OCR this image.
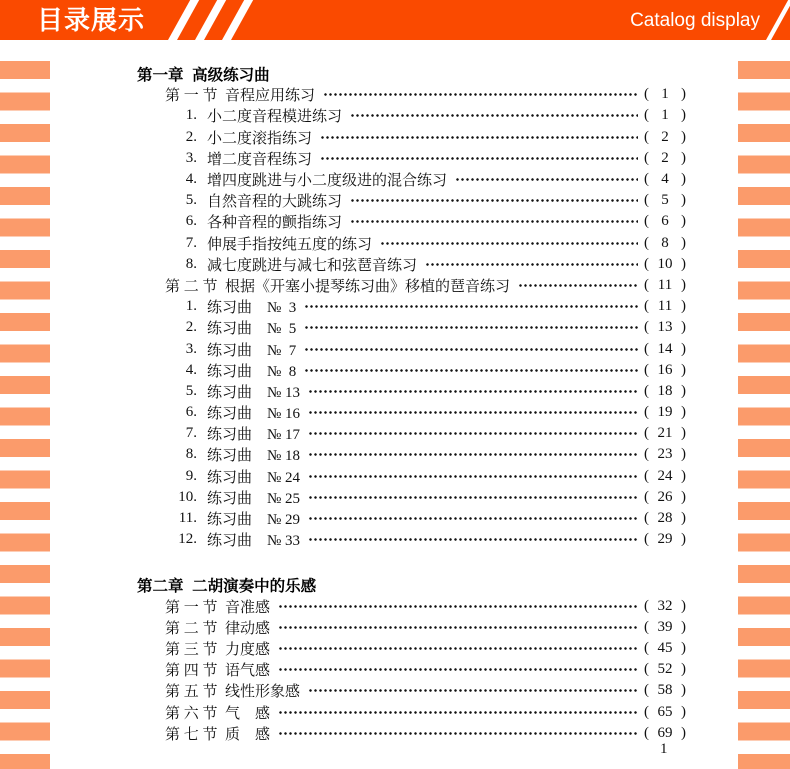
目录展示	Catalog display
第一章  高级练习曲
第 一 节  音程应用练习	( 1 )
1. 小二度音程模进练习	( 1 )
2. 小二度滚指练习	( 2 )
3. 增二度音程练习	( 2 )
4. 增四度跳进与小二度级进的混合练习	( 4 )
5. 自然音程的大跳练习	( 5 )
6. 各种音程的颤指练习	( 6 )
7. 伸展手指按纯五度的练习	( 8 )
8. 减七度跳进与减七和弦琶音练习	( 10 )
第 二 节  根据《开塞小提琴练习曲》移植的琶音练习	( 11 )
1. 练习曲　№  3	( 11 )
2. 练习曲　№  5	( 13 )
3. 练习曲　№  7	( 14 )
4. 练习曲　№  8	( 16 )
5. 练习曲　№ 13	( 18 )
6. 练习曲　№ 16	( 19 )
7. 练习曲　№ 17	( 21 )
8. 练习曲　№ 18	( 23 )
9. 练习曲　№ 24	( 24 )
10. 练习曲　№ 25	( 26 )
11. 练习曲　№ 29	( 28 )
12. 练习曲　№ 33	( 29 )
第二章  二胡演奏中的乐感
第 一 节  音准感	( 32 )
第 二 节  律动感	( 39 )
第 三 节  力度感	( 45 )
第 四 节  语气感	( 52 )
第 五 节  线性形象感	( 58 )
第 六 节  气　感	( 65 )
第 七 节  质　感	( 69 )
1
